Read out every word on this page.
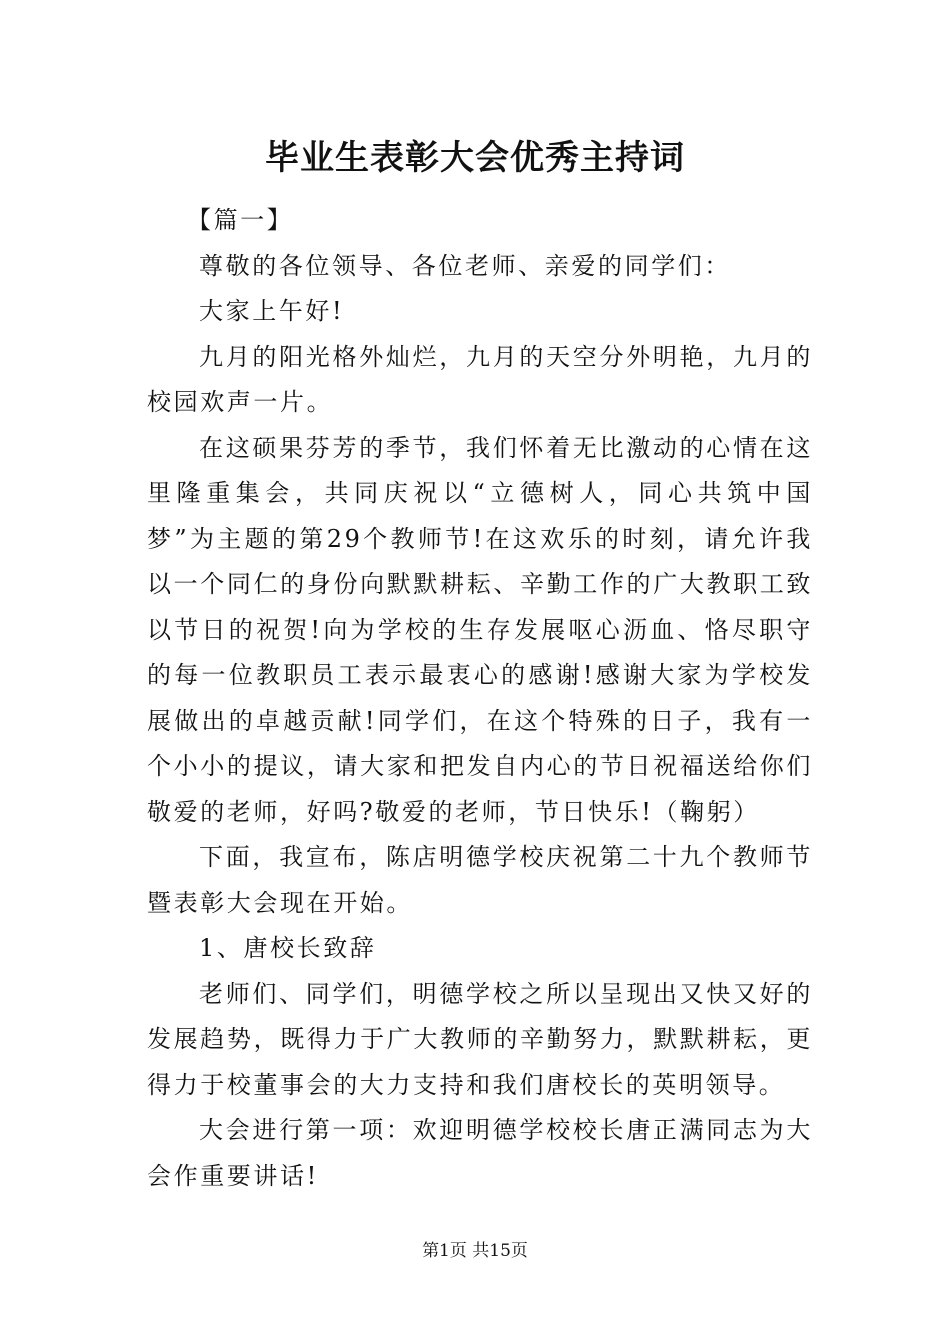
毕业生表彰大会优秀主持词

【篇一】

尊敬的各位领导、各位老师、亲爱的同学们：

大家上午好!

九月的阳光格外灿烂，九月的天空分外明艳，九月的校园欢声一片。

在这硕果芬芳的季节，我们怀着无比激动的心情在这里隆重集会，共同庆祝以“立德树人，同心共筑中国梦”为主题的第29个教师节!在这欢乐的时刻，请允许我以一个同仁的身份向默默耕耘、辛勤工作的广大教职工致以节日的祝贺!向为学校的生存发展呕心沥血、恪尽职守的每一位教职员工表示最衷心的感谢!感谢大家为学校发展做出的卓越贡献!同学们，在这个特殊的日子，我有一个小小的提议，请大家和把发自内心的节日祝福送给你们敬爱的老师，好吗?敬爱的老师，节日快乐!（鞠躬）

下面，我宣布，陈店明德学校庆祝第二十九个教师节暨表彰大会现在开始。

1、唐校长致辞

老师们、同学们，明德学校之所以呈现出又快又好的发展趋势，既得力于广大教师的辛勤努力，默默耕耘，更得力于校董事会的大力支持和我们唐校长的英明领导。

大会进行第一项：欢迎明德学校校长唐正满同志为大会作重要讲话!

第1页 共15页
